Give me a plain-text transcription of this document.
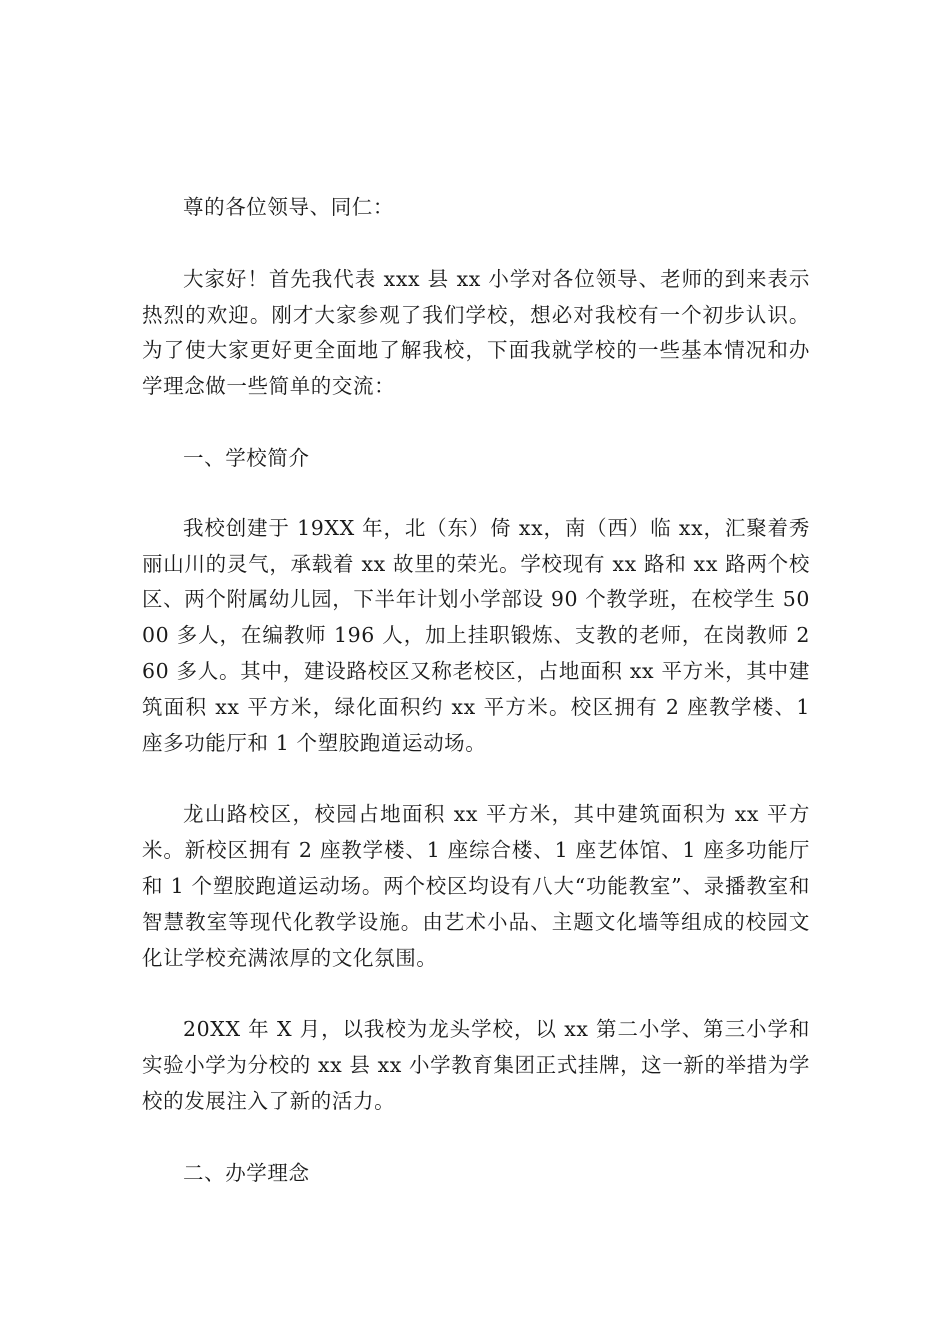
尊的各位领导、同仁：

大家好！首先我代表 xxx 县 xx 小学对各位领导、老师的到来表示热烈的欢迎。刚才大家参观了我们学校，想必对我校有一个初步认识。为了使大家更好更全面地了解我校，下面我就学校的一些基本情况和办学理念做一些简单的交流：

一、学校简介

我校创建于 19XX 年，北（东）倚 xx，南（西）临 xx，汇聚着秀丽山川的灵气，承载着 xx 故里的荣光。学校现有 xx 路和 xx 路两个校区、两个附属幼儿园，下半年计划小学部设 90 个教学班，在校学生 5000 多人，在编教师 196 人，加上挂职锻炼、支教的老师，在岗教师 260 多人。其中，建设路校区又称老校区，占地面积 xx 平方米，其中建筑面积 xx 平方米，绿化面积约 xx 平方米。校区拥有 2 座教学楼、1 座多功能厅和 1 个塑胶跑道运动场。

龙山路校区，校园占地面积 xx 平方米，其中建筑面积为 xx 平方米。新校区拥有 2 座教学楼、1 座综合楼、1 座艺体馆、1 座多功能厅和 1 个塑胶跑道运动场。两个校区均设有八大“功能教室”、录播教室和智慧教室等现代化教学设施。由艺术小品、主题文化墙等组成的校园文化让学校充满浓厚的文化氛围。

20XX 年 X 月，以我校为龙头学校，以 xx 第二小学、第三小学和实验小学为分校的 xx 县 xx 小学教育集团正式挂牌，这一新的举措为学校的发展注入了新的活力。

二、办学理念
